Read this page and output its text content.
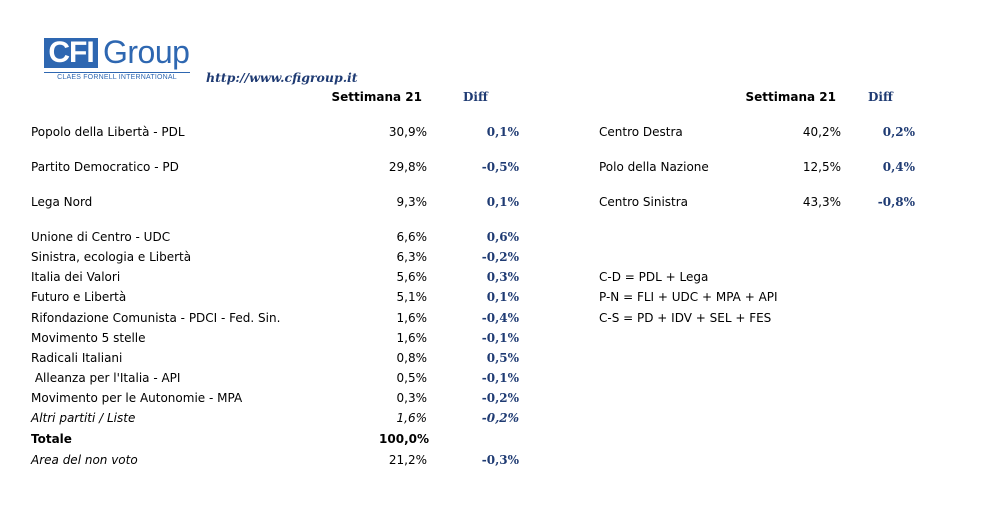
CFI Group
CLAES FORNELL INTERNATIONAL	http://www.cfigroup.it
Settimana 21	Diff
Popolo della Libertà - PDL	30,9%	0,1%
Partito Democratico - PD	29,8%	-0,5%
Lega Nord	9,3%	0,1%
Unione di Centro - UDC	6,6%	0,6%
Sinistra, ecologia e Libertà	6,3%	-0,2%
Italia dei Valori	5,6%	0,3%
Futuro e Libertà	5,1%	0,1%
Rifondazione Comunista - PDCI - Fed. Sin.	1,6%	-0,4%
Movimento 5 stelle	1,6%	-0,1%
Radicali Italiani	0,8%	0,5%
Alleanza per l'Italia - API	0,5%	-0,1%
Movimento per le Autonomie - MPA	0,3%	-0,2%
Altri partiti / Liste	1,6%	-0,2%
Totale	100,0%
Area del non voto	21,2%	-0,3%
Settimana 21	Diff
Centro Destra	40,2%	0,2%
Polo della Nazione	12,5%	0,4%
Centro Sinistra	43,3%	-0,8%
C-D = PDL + Lega
P-N = FLI + UDC + MPA + API
C-S = PD + IDV + SEL + FES
